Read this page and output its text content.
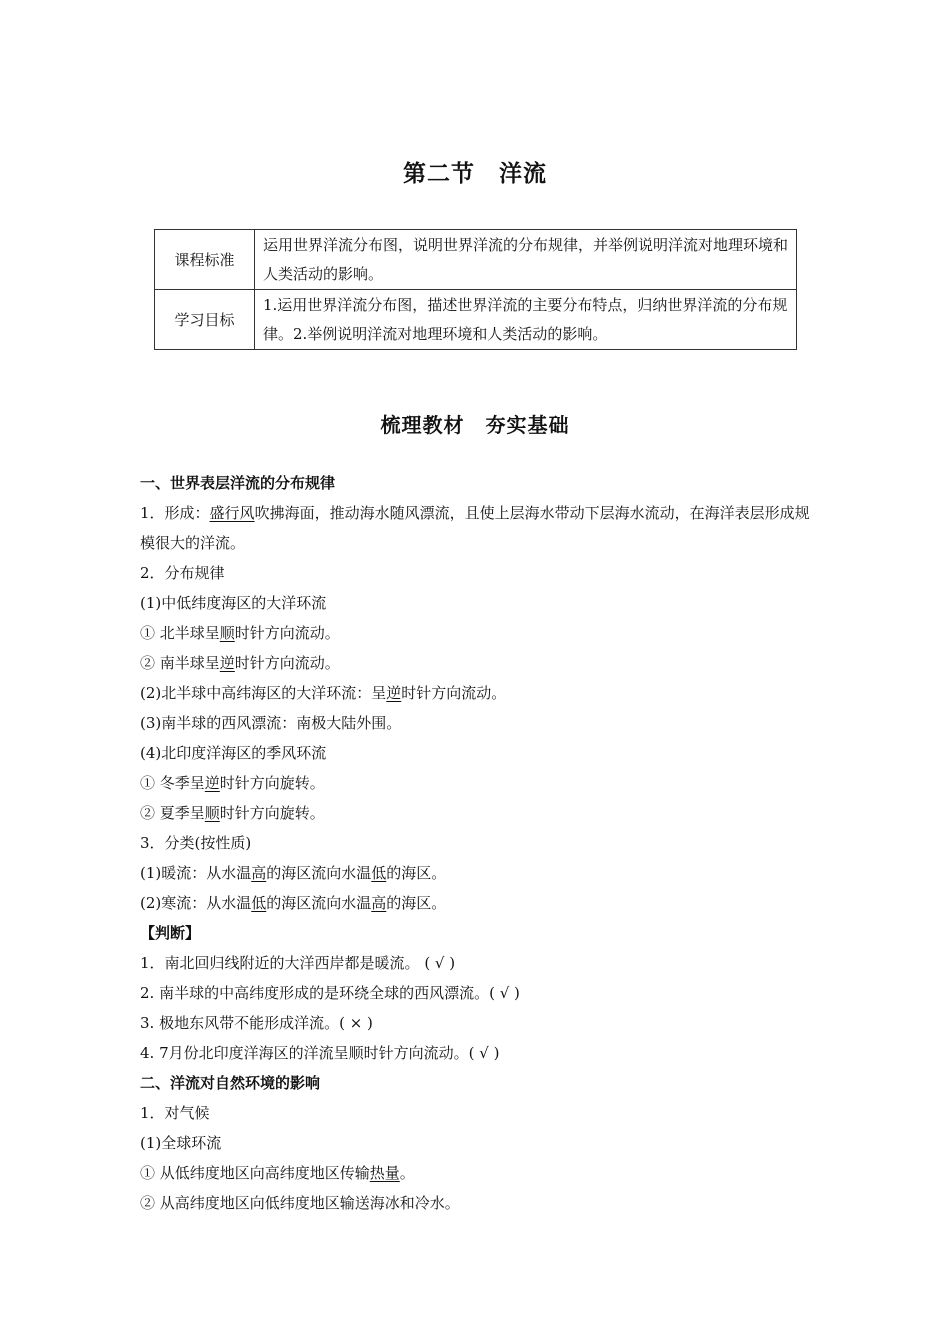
第二节　洋流
课程标准	运用世界洋流分布图，说明世界洋流的分布规律，并举例说明洋流对地理环境和人类活动的影响。
学习目标	1.运用世界洋流分布图，描述世界洋流的主要分布特点，归纳世界洋流的分布规律。2.举例说明洋流对地理环境和人类活动的影响。
梳理教材　夯实基础

一、世界表层洋流的分布规律

1．形成：盛行风吹拂海面，推动海水随风漂流，且使上层海水带动下层海水流动，在海洋表层形成规模很大的洋流。

2．分布规律

(1)中低纬度海区的大洋环流

① 北半球呈顺时针方向流动。

② 南半球呈逆时针方向流动。

(2)北半球中高纬海区的大洋环流：呈逆时针方向流动。

(3)南半球的西风漂流：南极大陆外围。

(4)北印度洋海区的季风环流

① 冬季呈逆时针方向旋转。

② 夏季呈顺时针方向旋转。

3．分类(按性质)

(1)暖流：从水温高的海区流向水温低的海区。

(2)寒流：从水温低的海区流向水温高的海区。

【判断】

1．南北回归线附近的大洋西岸都是暖流。 ( √ )

2. 南半球的中高纬度形成的是环绕全球的西风漂流。( √ )

3. 极地东风带不能形成洋流。( × )

4. 7月份北印度洋海区的洋流呈顺时针方向流动。( √ )

二、洋流对自然环境的影响

1．对气候

(1)全球环流

① 从低纬度地区向高纬度地区传输热量。

② 从高纬度地区向低纬度地区输送海冰和冷水。
